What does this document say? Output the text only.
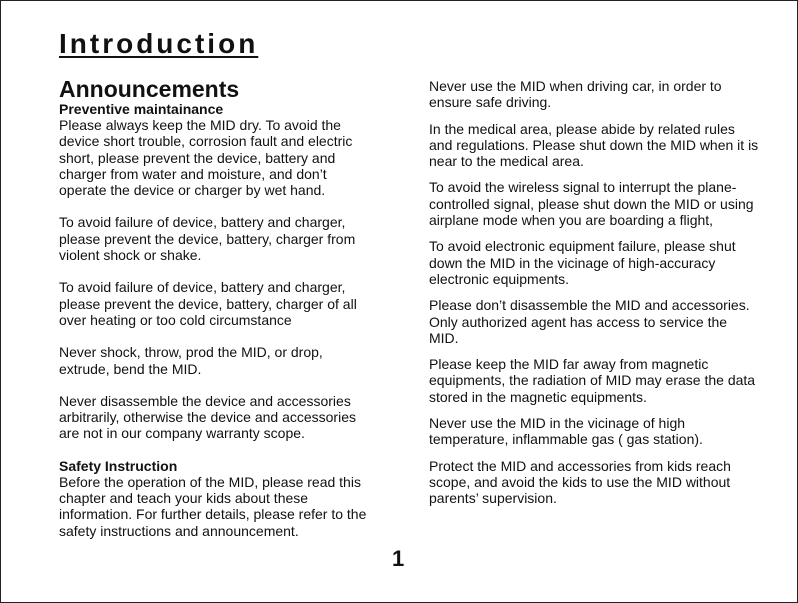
Introduction
Announcements
Preventive maintainance

Please always keep the MID dry. To avoid the device short trouble, corrosion fault and electric short, please prevent the device, battery and charger from water and moisture, and don’t operate the device or charger by wet hand.

To avoid failure of device, battery and charger, please prevent the device, battery, charger from violent shock or shake.

To avoid failure of device, battery and charger, please prevent the device, battery, charger of all over heating or too cold circumstance

Never shock, throw, prod the MID, or drop, extrude, bend the MID.

Never disassemble the device and accessories arbitrarily, otherwise the device and accessories are not in our company warranty scope.

Safety Instruction

Before the operation of the MID, please read this chapter and teach your kids about these information. For further details, please refer to the safety instructions and announcement.

Never use the MID when driving car, in order to ensure safe driving.

In the medical area, please abide by related rules and regulations. Please shut down the MID when it is near to the medical area.

To avoid the wireless signal to interrupt the plane-controlled signal, please shut down the MID or using airplane mode when you are boarding a flight,

To avoid electronic equipment failure, please shut down the MID in the vicinage of high-accuracy electronic equipments.

Please don’t disassemble the MID and accessories. Only authorized agent has access to service the MID.

Please keep the MID far away from magnetic equipments, the radiation of MID may erase the data stored in the magnetic equipments.

Never use the MID in the vicinage of high temperature, inflammable gas ( gas station).

Protect the MID and accessories from kids reach scope, and avoid the kids to use the MID without parents’ supervision.

1
